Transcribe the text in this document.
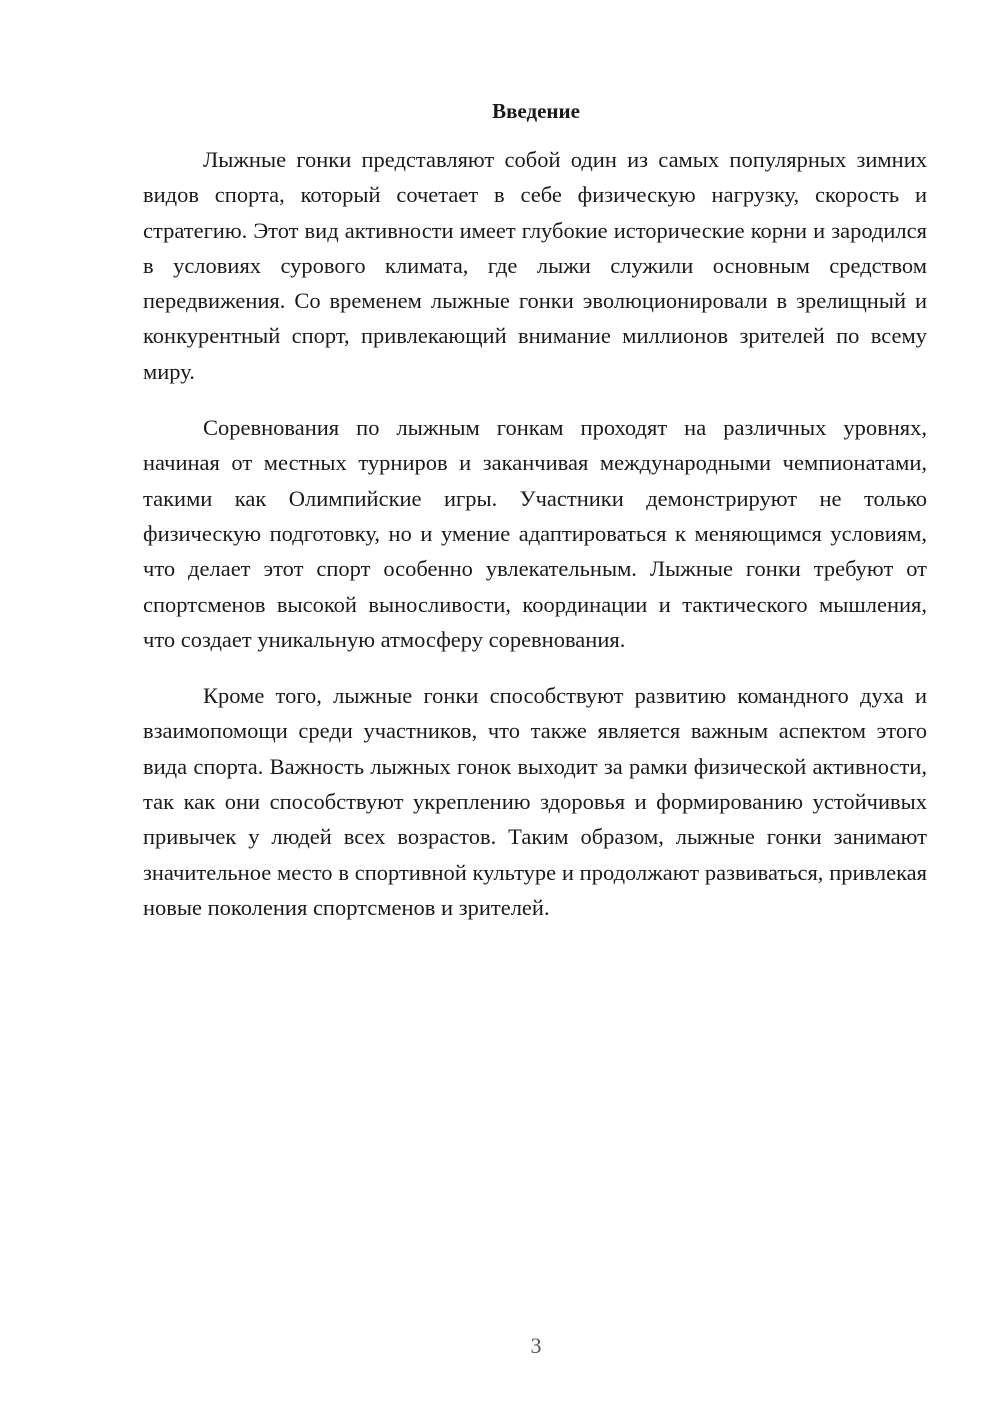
Введение

Лыжные гонки представляют собой один из самых популярных зимних видов спорта, который сочетает в себе физическую нагрузку, скорость и стратегию. Этот вид активности имеет глубокие исторические корни и зародился в условиях сурового климата, где лыжи служили основным средством передвижения. Со временем лыжные гонки эволюционировали в зрелищный и конкурентный спорт, привлекающий внимание миллионов зрителей по всему миру.

Соревнования по лыжным гонкам проходят на различных уровнях, начиная от местных турниров и заканчивая международными чемпионатами, такими как Олимпийские игры. Участники демонстрируют не только физическую подготовку, но и умение адаптироваться к меняющимся условиям, что делает этот спорт особенно увлекательным. Лыжные гонки требуют от спортсменов высокой выносливости, координации и тактического мышления, что создает уникальную атмосферу соревнования.

Кроме того, лыжные гонки способствуют развитию командного духа и взаимопомощи среди участников, что также является важным аспектом этого вида спорта. Важность лыжных гонок выходит за рамки физической активности, так как они способствуют укреплению здоровья и формированию устойчивых привычек у людей всех возрастов. Таким образом, лыжные гонки занимают значительное место в спортивной культуре и продолжают развиваться, привлекая новые поколения спортсменов и зрителей.

3
